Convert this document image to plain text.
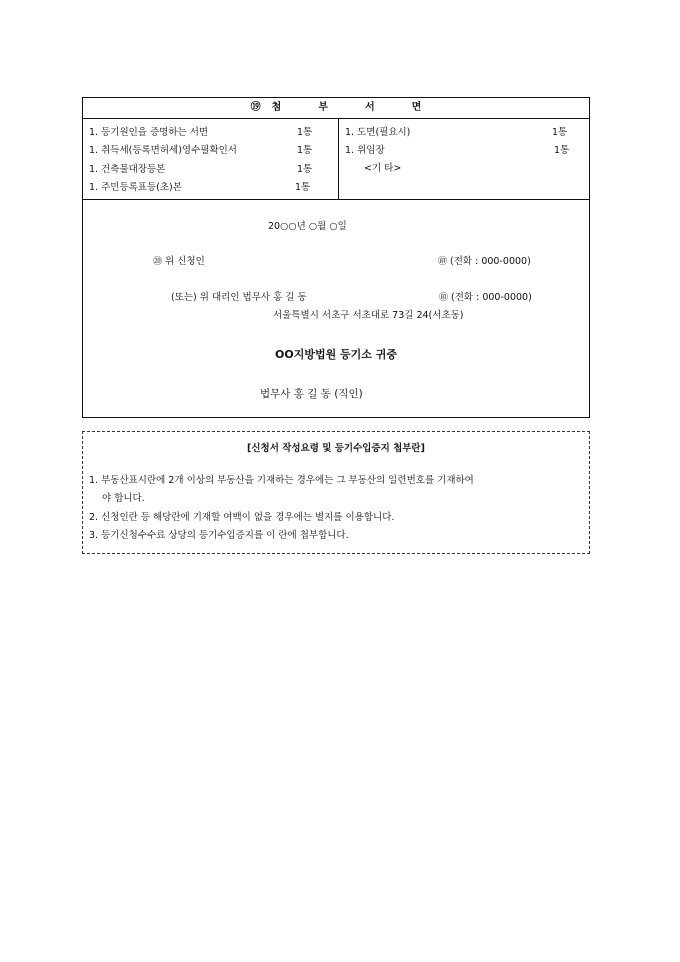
⑲ 첨	부	서	면
1. 등기원인을 증명하는 서면	1통
1. 취득세(등록면허세)영수필확인서	1통
1. 건축물대장등본	1통
1. 주민등록표등(초)본	1통
1. 도면(필요시)	1통
1. 위임장	1통
<기 타>
20○○년 ○월 ○일
⑳ 위 신청인	㊞ (전화 : 000-0000)
(또는) 위 대리인 법무사 홍 길 동	㊞ (전화 : 000-0000)
서울특별시 서초구 서초대로 73길 24(서초동)
OO지방법원 등기소 귀중
법무사 홍 길 동 (직인)
[신청서 작성요령 및 등기수입증지 첩부란]
1. 부동산표시란에 2개 이상의 부동산을 기재하는 경우에는 그 부동산의 일련번호를 기재하여
야 합니다.
2. 신청인란 등 해당란에 기재할 여백이 없을 경우에는 별지를 이용합니다.
3. 등기신청수수료 상당의 등기수입증지를 이 란에 첩부합니다.
